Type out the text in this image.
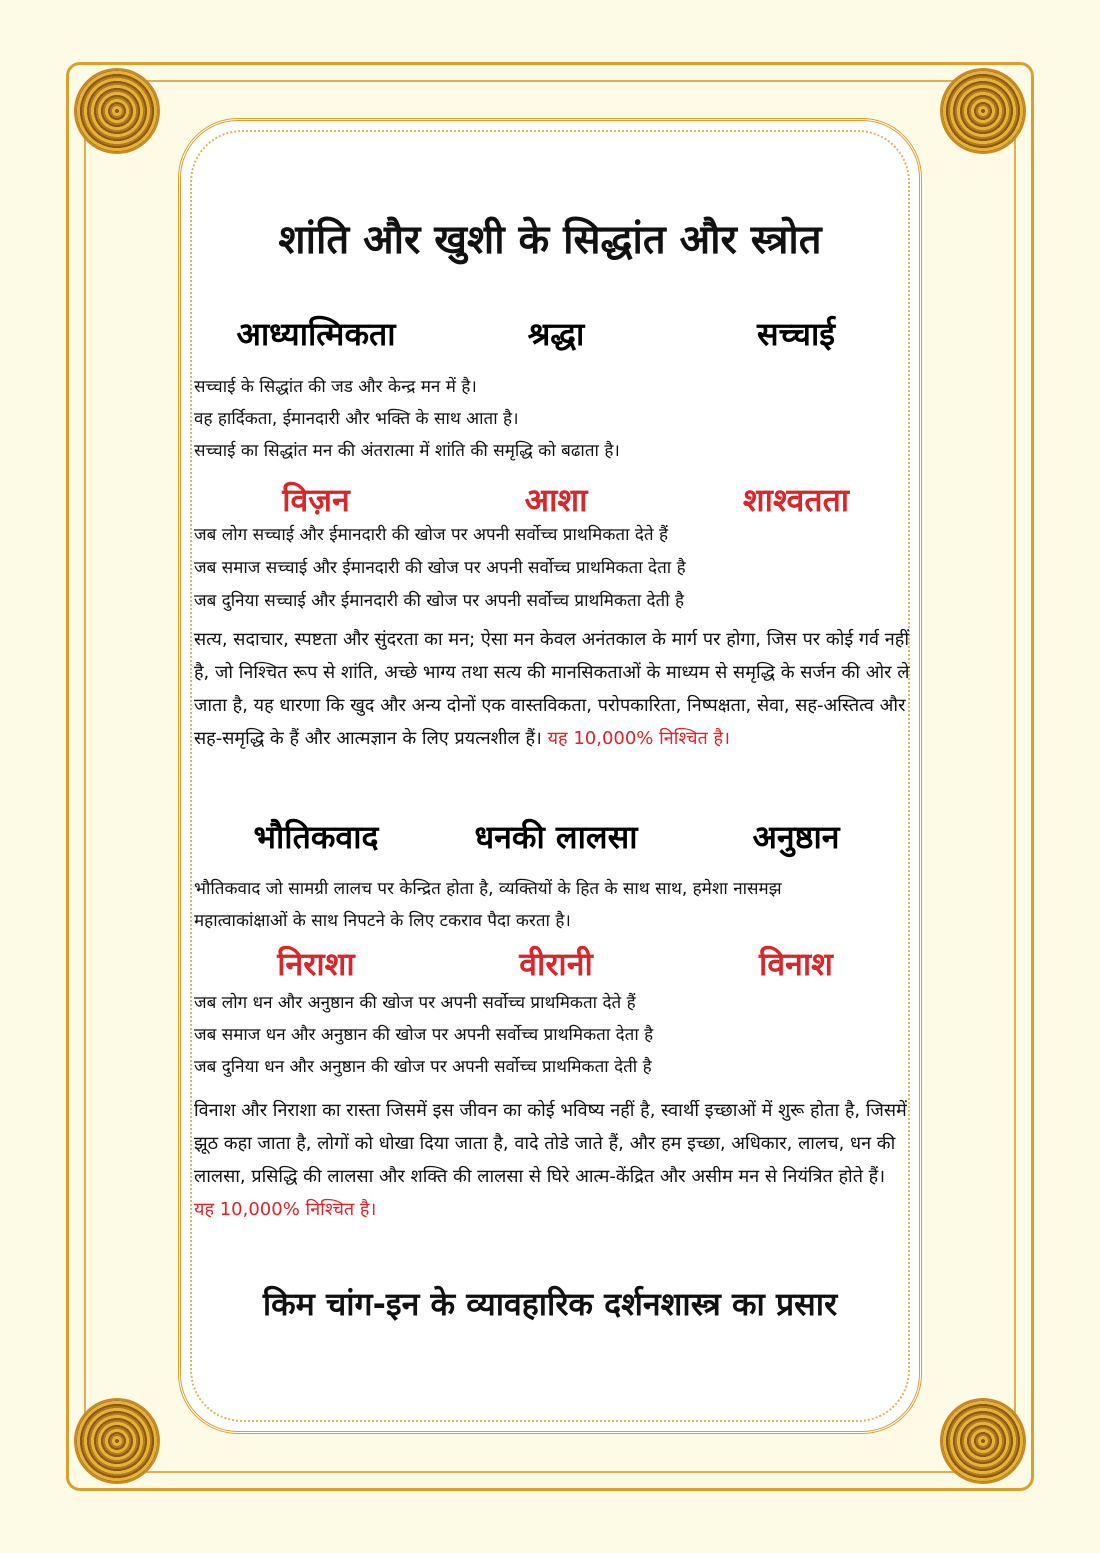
शांति और खुशी के सिद्धांत और स्त्रोत
आध्यात्मिकता	श्रद्धा	सच्चाई
सच्चाई के सिद्धांत की जड और केन्द्र मन में है।
वह हार्दिकता, ईमानदारी और भक्ति के साथ आता है।
सच्चाई का सिद्धांत मन की अंतरात्मा में शांति की समृद्धि को बढाता है।
विज़न	आशा	शाश्वतता
जब लोग सच्चाई और ईमानदारी की खोज पर अपनी सर्वोच्च प्राथमिकता देते हैं
जब समाज सच्चाई और ईमानदारी की खोज पर अपनी सर्वोच्च प्राथमिकता देता है
जब दुनिया सच्चाई और ईमानदारी की खोज पर अपनी सर्वोच्च प्राथमिकता देती है
सत्य, सदाचार, स्पष्टता और सुंदरता का मन; ऐसा मन केवल अनंतकाल के मार्ग पर होगा, जिस पर कोई गर्व नहीं है, जो निश्चित रूप से शांति, अच्छे भाग्य तथा सत्य की मानसिकताओं के माध्यम से समृद्धि के सर्जन की ओर ले जाता है, यह धारणा कि खुद और अन्य दोनों एक वास्तविकता, परोपकारिता, निष्पक्षता, सेवा, सह-अस्तित्व और सह-समृद्धि के हैं और आत्मज्ञान के लिए प्रयत्नशील हैं। यह 10,000% निश्चित है।
भौतिकवाद	धनकी लालसा	अनुष्ठान
भौतिकवाद जो सामग्री लालच पर केन्द्रित होता है, व्यक्तियों के हित के साथ साथ, हमेशा नासमझ
महात्वाकांक्षाओं के साथ निपटने के लिए टकराव पैदा करता है।
निराशा	वीरानी	विनाश
जब लोग धन और अनुष्ठान की खोज पर अपनी सर्वोच्च प्राथमिकता देते हैं
जब समाज धन और अनुष्ठान की खोज पर अपनी सर्वोच्च प्राथमिकता देता है
जब दुनिया धन और अनुष्ठान की खोज पर अपनी सर्वोच्च प्राथमिकता देती है
विनाश और निराशा का रास्ता जिसमें इस जीवन का कोई भविष्य नहीं है, स्वार्थी इच्छाओं में शुरू होता है, जिसमें झूठ कहा जाता है, लोगों को धोखा दिया जाता है, वादे तोडे जाते हैं, और हम इच्छा, अधिकार, लालच, धन की लालसा, प्रसिद्धि की लालसा और शक्ति की लालसा से घिरे आत्म-केंद्रित और असीम मन से नियंत्रित होते हैं।
यह 10,000% निश्चित है।
किम चांग-इन के व्यावहारिक दर्शनशास्त्र का प्रसार
